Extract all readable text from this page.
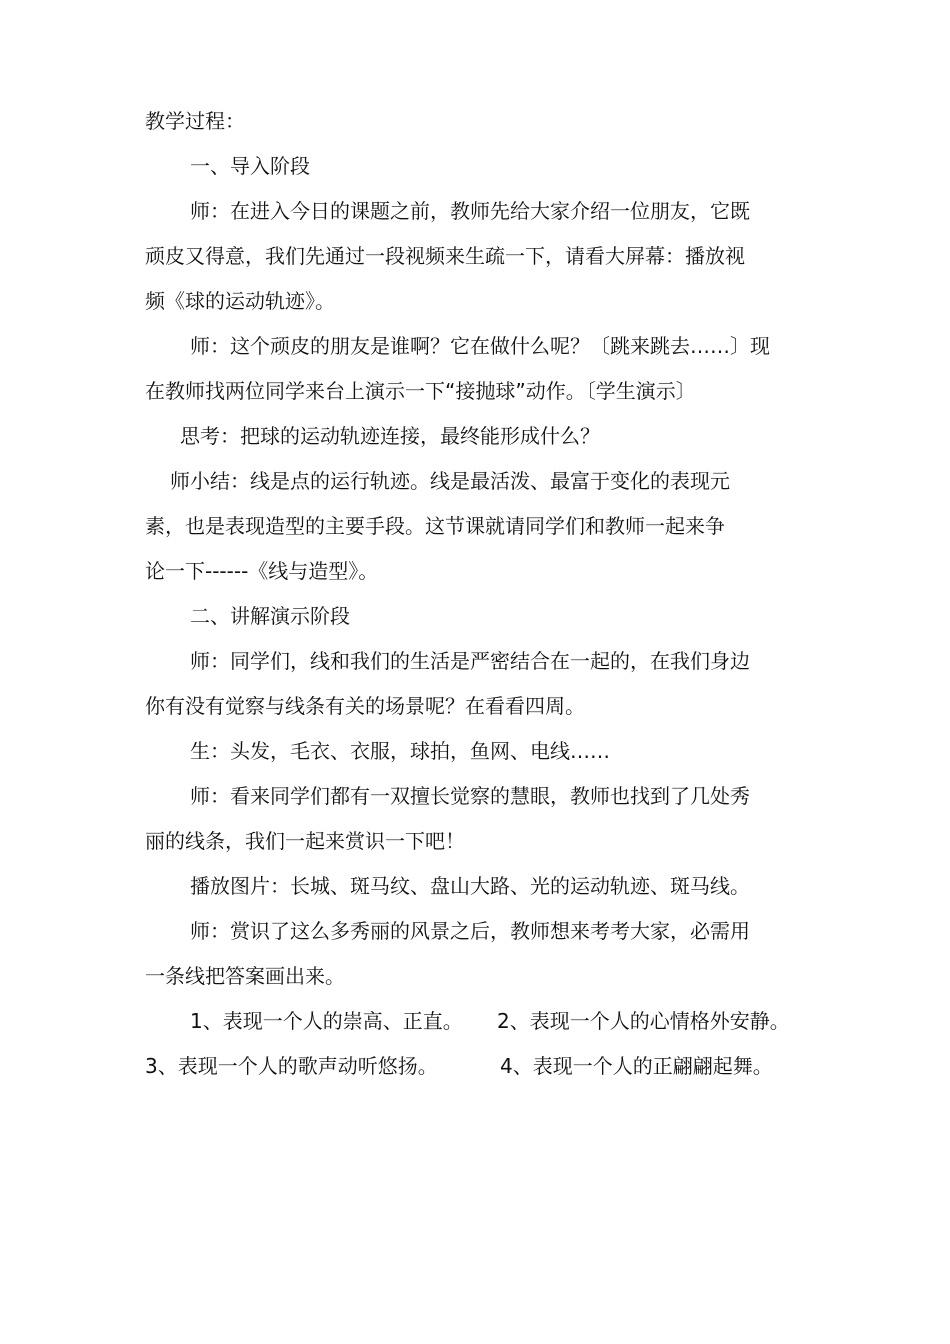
教学过程：
一、导入阶段
师：在进入今日的课题之前，教师先给大家介绍一位朋友，它既
顽皮又得意，我们先通过一段视频来生疏一下，请看大屏幕：播放视
频《球的运动轨迹》。
师：这个顽皮的朋友是谁啊？它在做什么呢？〔跳来跳去……〕现
在教师找两位同学来台上演示一下“接抛球”动作。〔学生演示〕
思考：把球的运动轨迹连接，最终能形成什么？
师小结：线是点的运行轨迹。线是最活泼、最富于变化的表现元
素，也是表现造型的主要手段。这节课就请同学们和教师一起来争
论一下------《线与造型》。
二、讲解演示阶段
师：同学们，线和我们的生活是严密结合在一起的，在我们身边
你有没有觉察与线条有关的场景呢？在看看四周。
生：头发，毛衣、衣服，球拍，鱼网、电线……
师：看来同学们都有一双擅长觉察的慧眼，教师也找到了几处秀
丽的线条，我们一起来赏识一下吧！
播放图片：长城、斑马纹、盘山大路、光的运动轨迹、斑马线。
师：赏识了这么多秀丽的风景之后，教师想来考考大家，必需用
一条线把答案画出来。
1、表现一个人的崇高、正直。 2、表现一个人的心情格外安静。
3、表现一个人的歌声动听悠扬。	4、表现一个人的正翩翩起舞。
